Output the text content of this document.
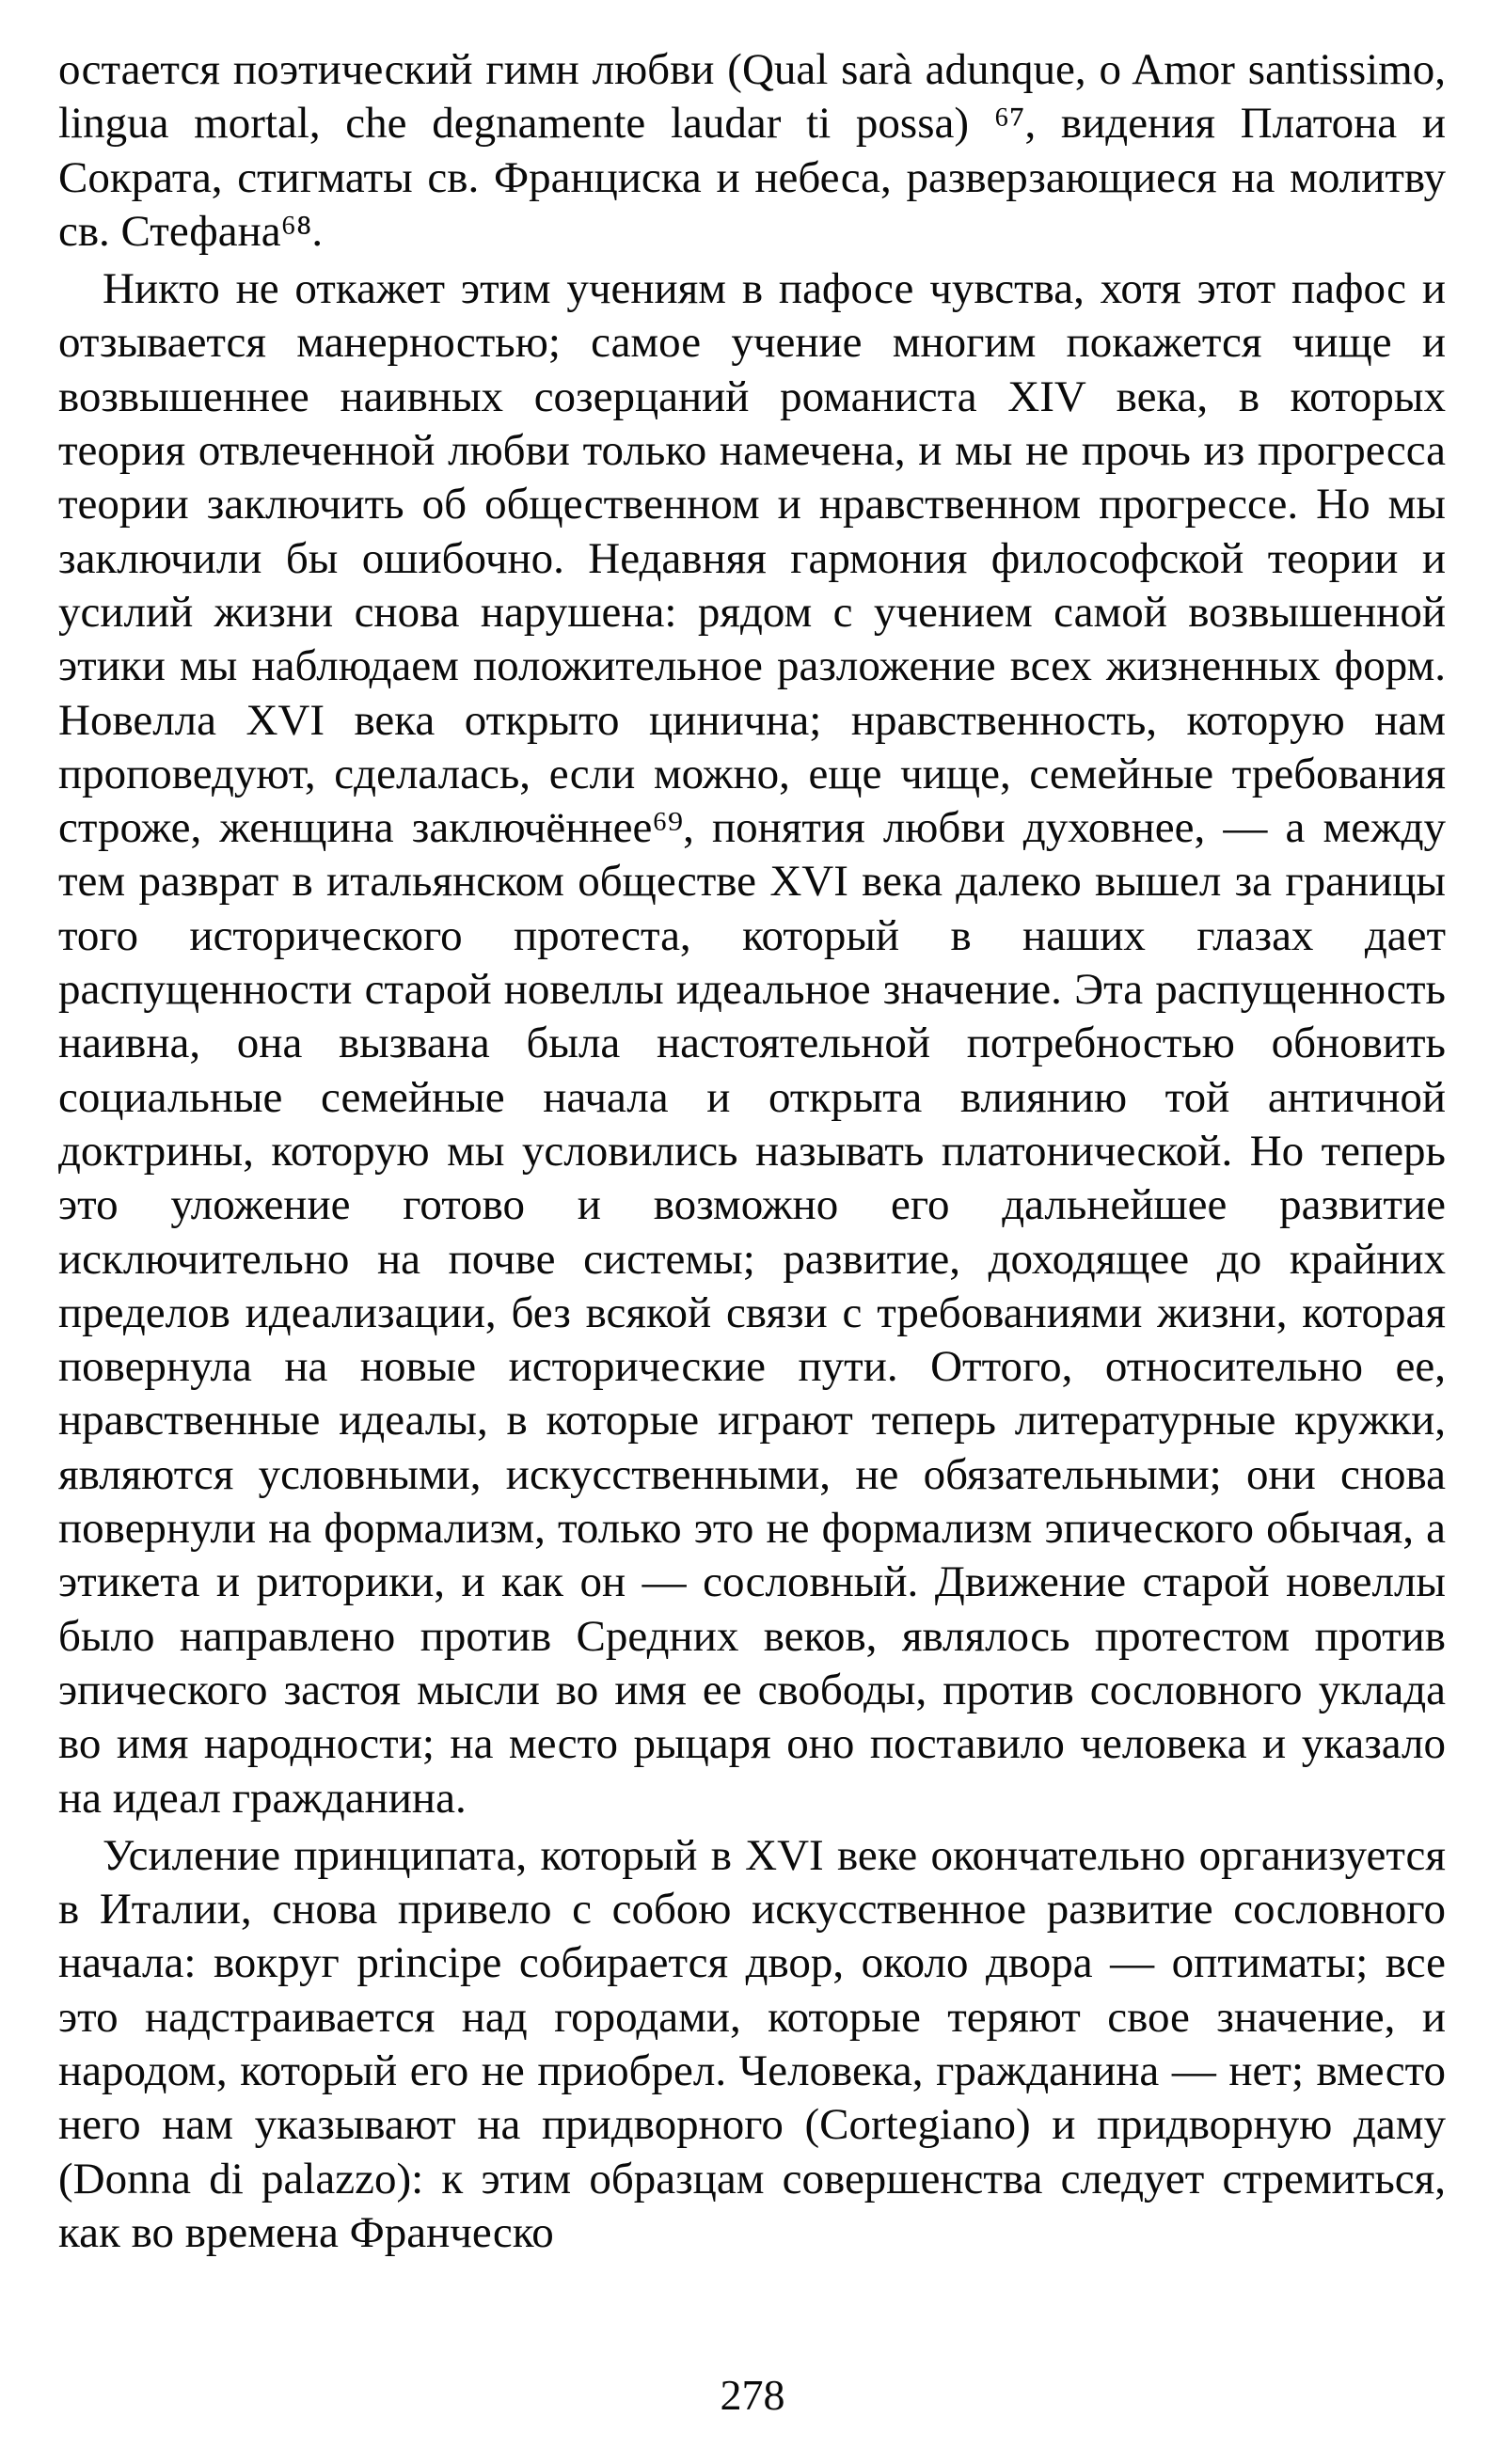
остается поэтический гимн любви (Qual sarà adunque, o Amor santissimo, lingua mortal, che degnamente laudar ti possa) ⁶⁷, видения Платона и Сократа, стигматы св. Франциска и небеса, разверзающиеся на молитву св. Стефана⁶⁸.

Никто не откажет этим учениям в пафосе чувства, хотя этот пафос и отзывается манерностью; самое учение многим покажется чище и возвышеннее наивных созерцаний романиста XIV века, в которых теория отвлеченной любви только намечена, и мы не прочь из прогресса теории заключить об общественном и нравственном прогрессе. Но мы заключили бы ошибочно. Недавняя гармония философской теории и усилий жизни снова нарушена: рядом с учением самой возвышенной этики мы наблюдаем положительное разложение всех жизненных форм. Новелла XVI века открыто цинична; нравственность, которую нам проповедуют, сделалась, если можно, еще чище, семейные требования строже, женщина заключённее⁶⁹, понятия любви духовнее, — а между тем разврат в итальянском обществе XVI века далеко вышел за границы того исторического протеста, который в наших глазах дает распущенности старой новеллы идеальное значение. Эта распущенность наивна, она вызвана была настоятельной потребностью обновить социальные семейные начала и открыта влиянию той античной доктрины, которую мы условились называть платонической. Но теперь это уложение готово и возможно его дальнейшее развитие исключительно на почве системы; развитие, доходящее до крайних пределов идеализации, без всякой связи с требованиями жизни, которая повернула на новые исторические пути. Оттого, относительно ее, нравственные идеалы, в которые играют теперь литературные кружки, являются условными, искусственными, не обязательными; они снова повернули на формализм, только это не формализм эпического обычая, а этикета и риторики, и как он — сословный. Движение старой новеллы было направлено против Средних веков, являлось протестом против эпического застоя мысли во имя ее свободы, против сословного уклада во имя народности; на место рыцаря оно поставило человека и указало на идеал гражданина.

Усиление принципата, который в XVI веке окончательно организуется в Италии, снова привело с собою искусственное развитие сословного начала: вокруг principe собирается двор, около двора — оптиматы; все это надстраивается над городами, которые теряют свое значение, и народом, который его не приобрел. Человека, гражданина — нет; вместо него нам указывают на придворного (Cortegiano) и придворную даму (Donna di palazzo): к этим образцам совершенства следует стремиться, как во времена Франческо

278
